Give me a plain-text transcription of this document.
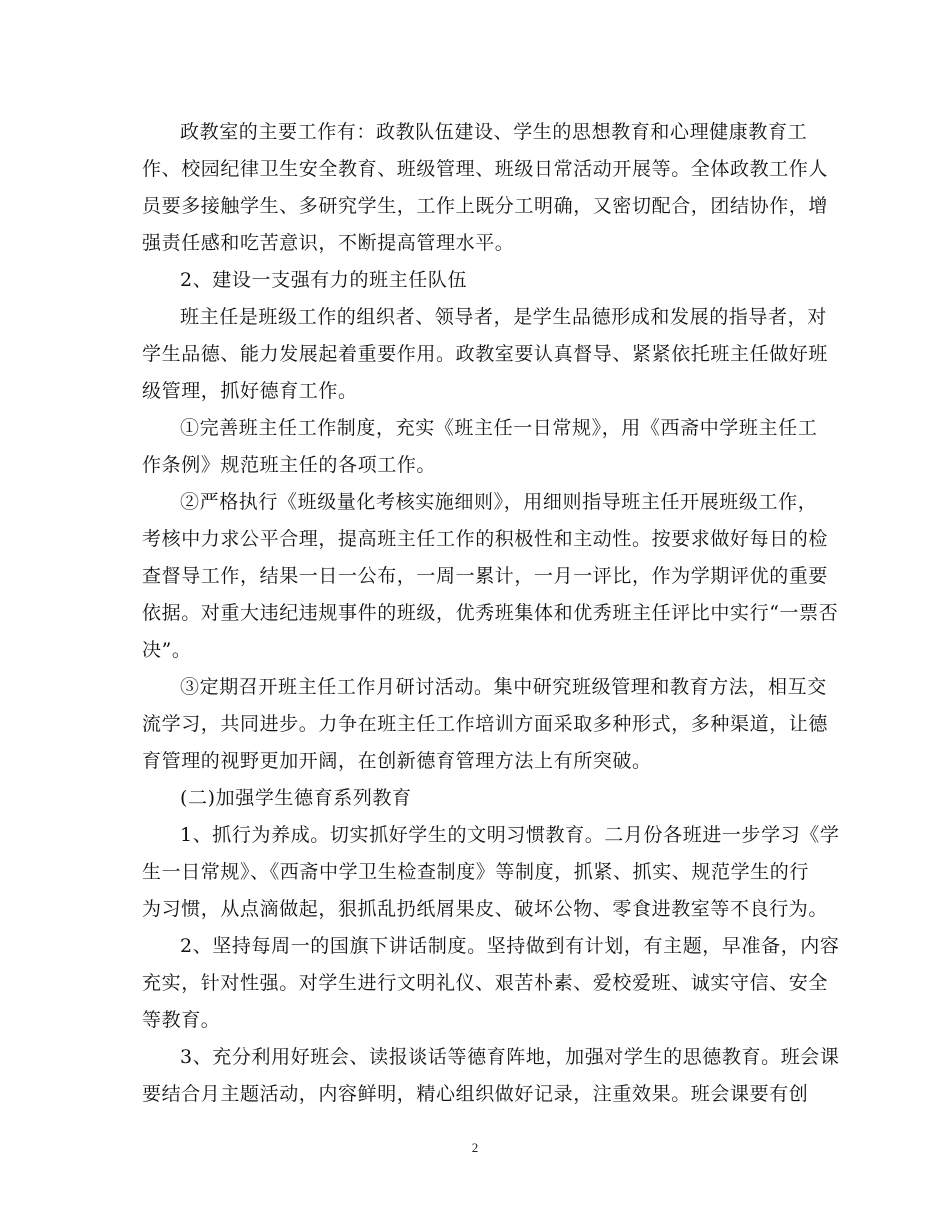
政教室的主要工作有：政教队伍建设、学生的思想教育和心理健康教育工
作、校园纪律卫生安全教育、班级管理、班级日常活动开展等。全体政教工作人
员要多接触学生、多研究学生，工作上既分工明确，又密切配合，团结协作，增
强责任感和吃苦意识，不断提高管理水平。
2、建设一支强有力的班主任队伍
班主任是班级工作的组织者、领导者，是学生品德形成和发展的指导者，对
学生品德、能力发展起着重要作用。政教室要认真督导、紧紧依托班主任做好班
级管理，抓好德育工作。
①完善班主任工作制度，充实《班主任一日常规》，用《西斋中学班主任工
作条例》规范班主任的各项工作。
②严格执行《班级量化考核实施细则》，用细则指导班主任开展班级工作，
考核中力求公平合理，提高班主任工作的积极性和主动性。按要求做好每日的检
查督导工作，结果一日一公布，一周一累计，一月一评比，作为学期评优的重要
依据。对重大违纪违规事件的班级，优秀班集体和优秀班主任评比中实行“一票否
决”。
③定期召开班主任工作月研讨活动。集中研究班级管理和教育方法，相互交
流学习，共同进步。力争在班主任工作培训方面采取多种形式，多种渠道，让德
育管理的视野更加开阔，在创新德育管理方法上有所突破。
(二)加强学生德育系列教育
1、抓行为养成。切实抓好学生的文明习惯教育。二月份各班进一步学习《学
生一日常规》、《西斋中学卫生检查制度》等制度，抓紧、抓实、规范学生的行
为习惯，从点滴做起，狠抓乱扔纸屑果皮、破坏公物、零食进教室等不良行为。
2、坚持每周一的国旗下讲话制度。坚持做到有计划，有主题，早准备，内容
充实，针对性强。对学生进行文明礼仪、艰苦朴素、爱校爱班、诚实守信、安全
等教育。
3、充分利用好班会、读报谈话等德育阵地，加强对学生的思德教育。班会课
要结合月主题活动，内容鲜明，精心组织做好记录，注重效果。班会课要有创
2
